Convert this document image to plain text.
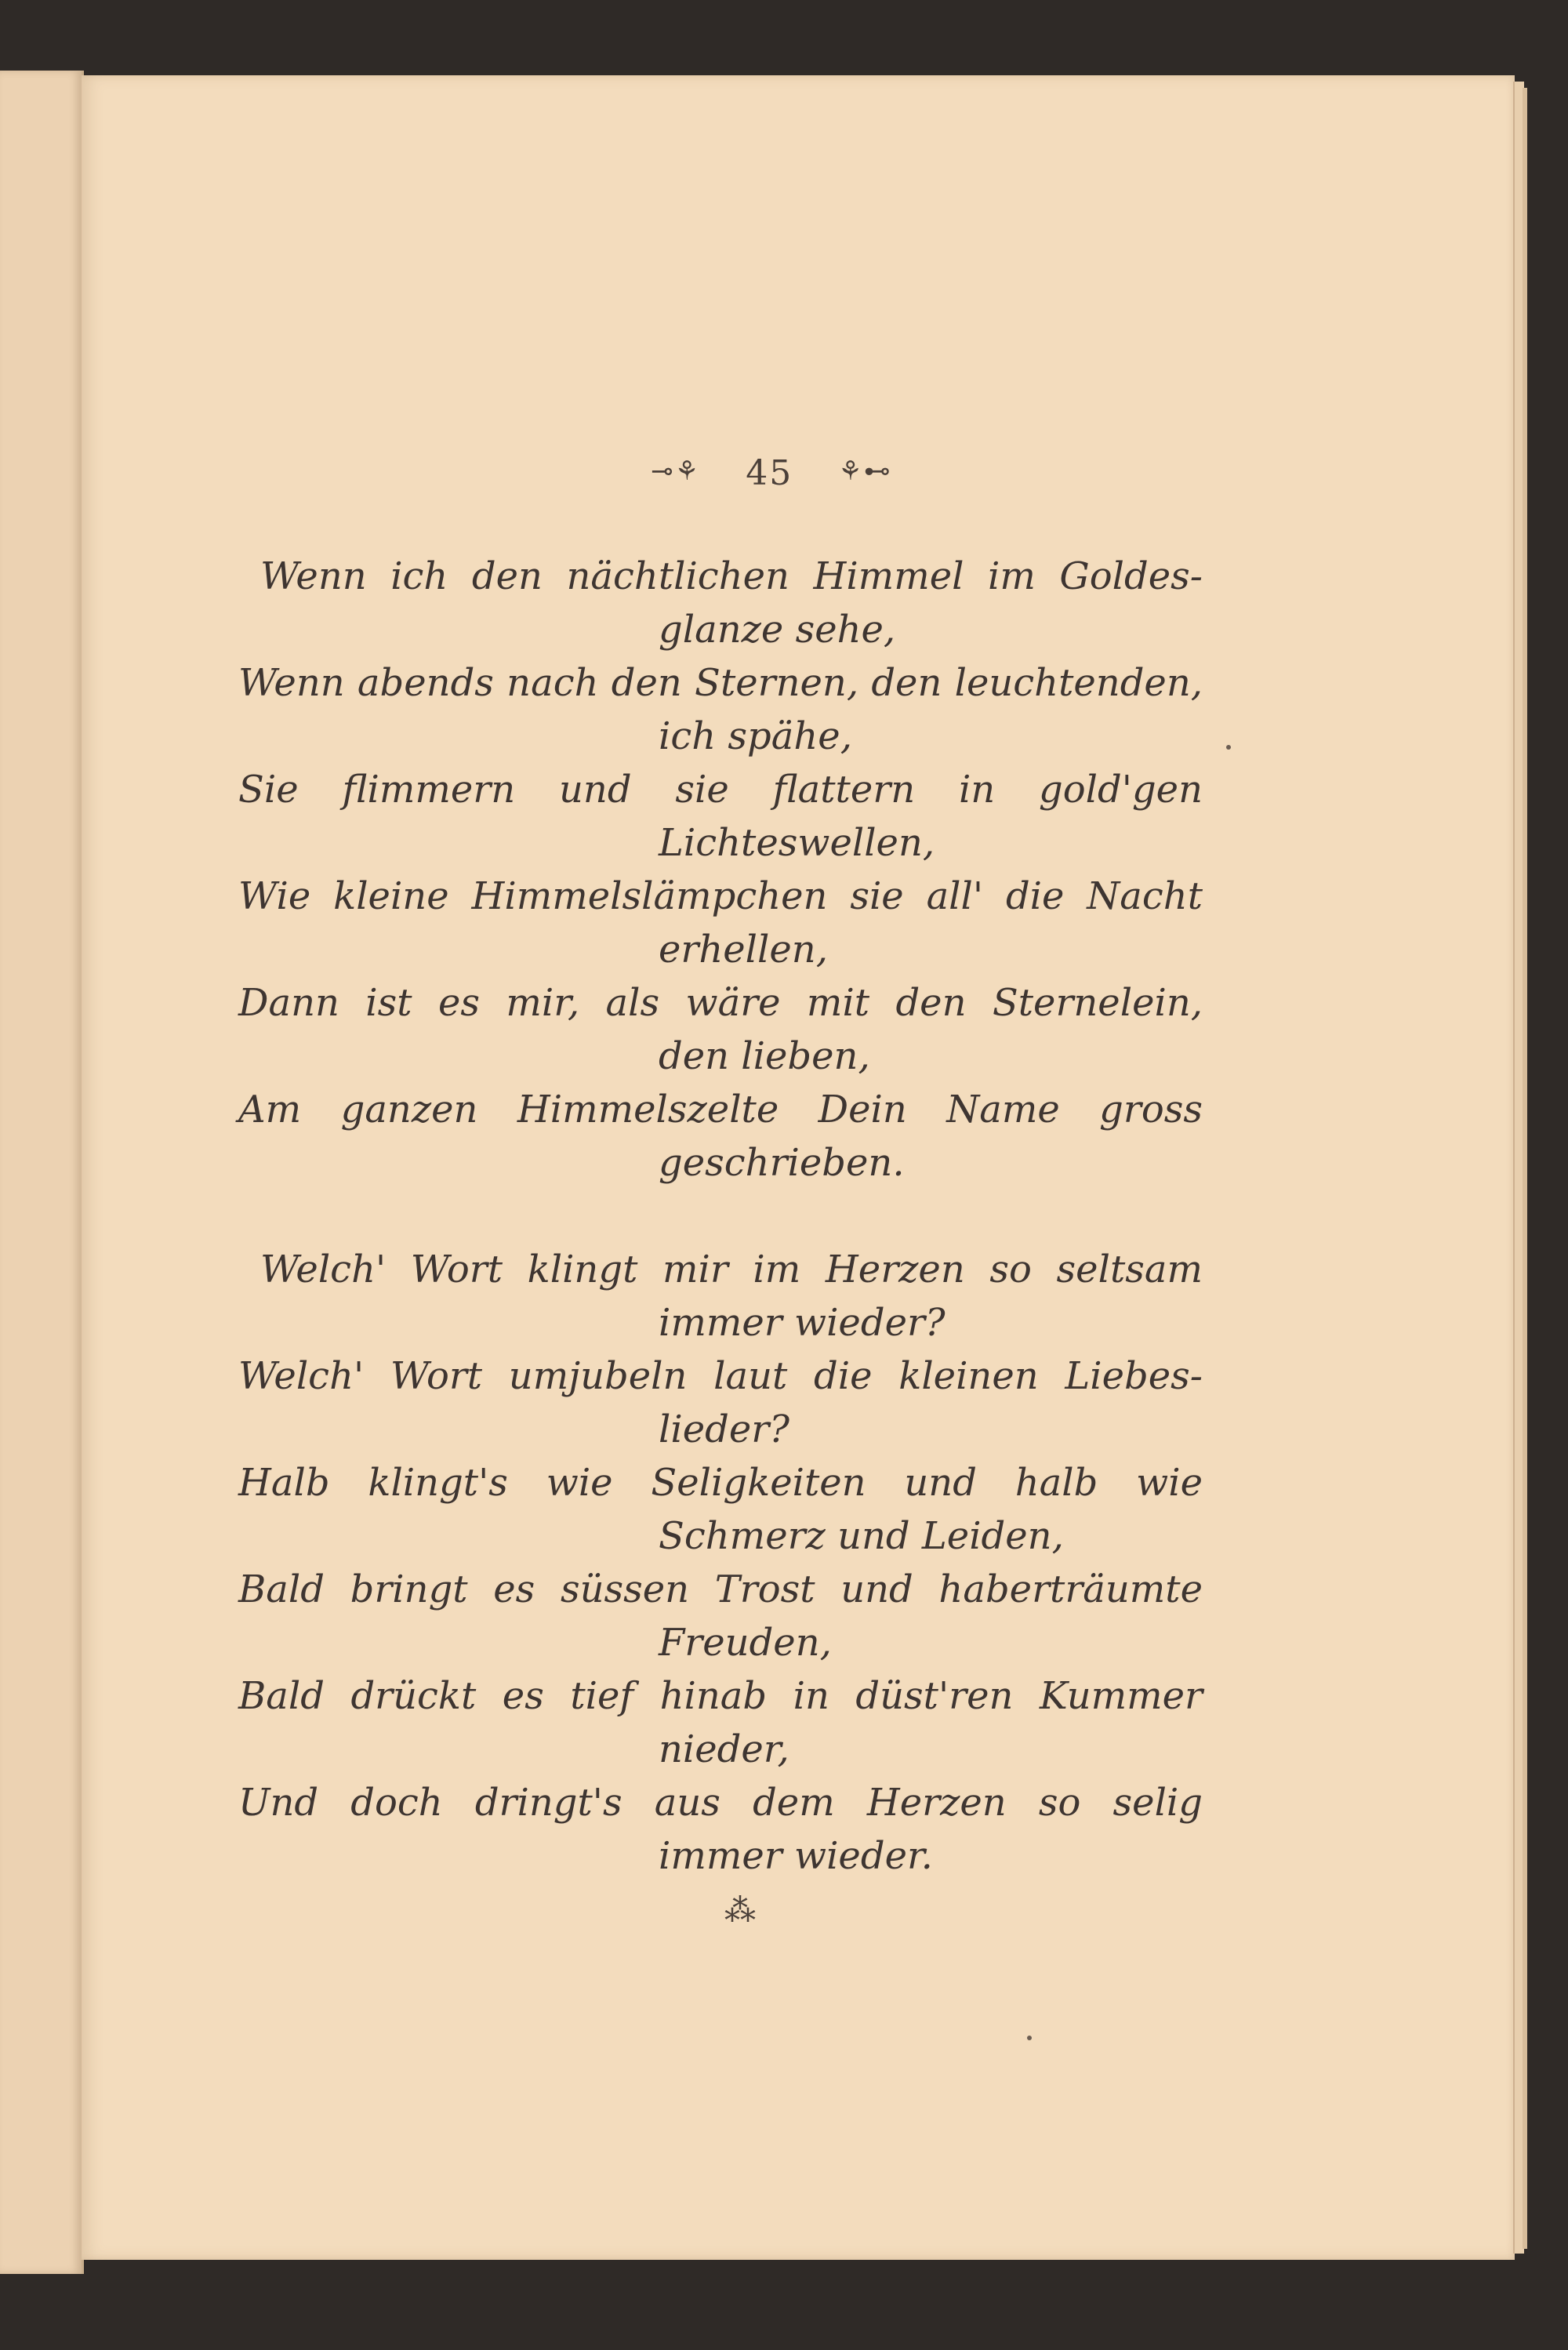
⊸⚘ 45 ⚘⊷
Wenn ich den nächtlichen Himmel im Goldes-
glanze sehe,
Wenn abends nach den Sternen, den leuchtenden,
ich spähe,
Sie flimmern und sie flattern in gold'gen
Lichteswellen,
Wie kleine Himmelslämpchen sie all' die Nacht
erhellen,
Dann ist es mir, als wäre mit den Sternelein,
den lieben,
Am ganzen Himmelszelte Dein Name gross
geschrieben.
Welch' Wort klingt mir im Herzen so seltsam
immer wieder?
Welch' Wort umjubeln laut die kleinen Liebes-
lieder?
Halb klingt's wie Seligkeiten und halb wie
Schmerz und Leiden,
Bald bringt es süssen Trost und haberträumte
Freuden,
Bald drückt es tief hinab in düst'ren Kummer
nieder,
Und doch dringt's aus dem Herzen so selig
immer wieder.
⁂
